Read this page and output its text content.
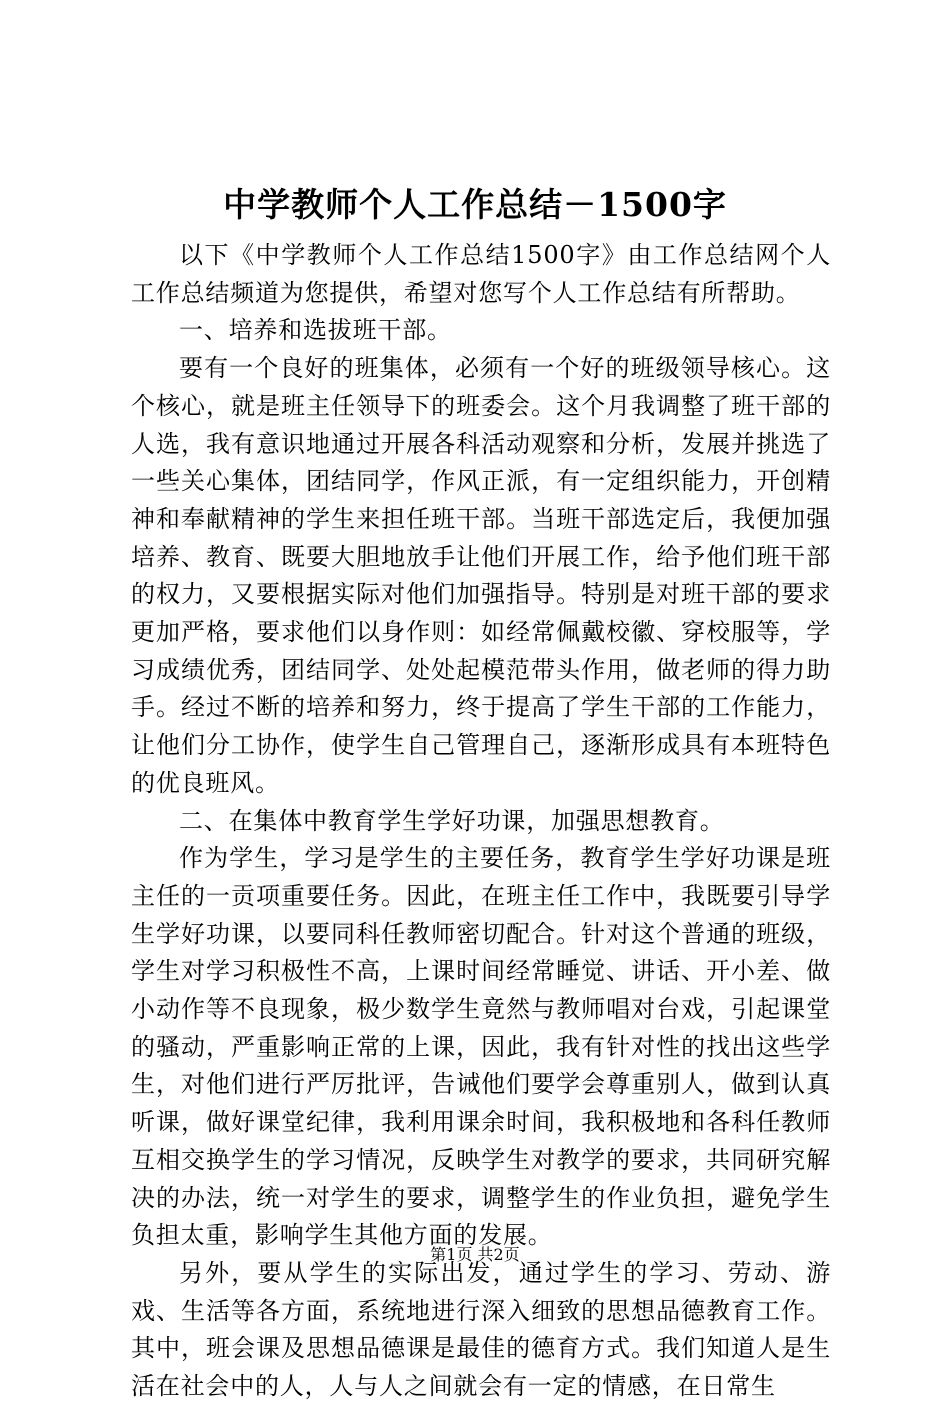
中学教师个人工作总结－1500字

以下《中学教师个人工作总结1500字》由工作总结网个人工作总结频道为您提供，希望对您写个人工作总结有所帮助。

一、培养和选拔班干部。

要有一个良好的班集体，必须有一个好的班级领导核心。这个核心，就是班主任领导下的班委会。这个月我调整了班干部的人选，我有意识地通过开展各科活动观察和分析，发展并挑选了一些关心集体，团结同学，作风正派，有一定组织能力，开创精神和奉献精神的学生来担任班干部。当班干部选定后，我便加强培养、教育、既要大胆地放手让他们开展工作，给予他们班干部的权力，又要根据实际对他们加强指导。特别是对班干部的要求更加严格，要求他们以身作则：如经常佩戴校徽、穿校服等，学习成绩优秀，团结同学、处处起模范带头作用，做老师的得力助手。经过不断的培养和努力，终于提高了学生干部的工作能力，让他们分工协作，使学生自己管理自己，逐渐形成具有本班特色的优良班风。

二、在集体中教育学生学好功课，加强思想教育。

作为学生，学习是学生的主要任务，教育学生学好功课是班主任的一贡项重要任务。因此，在班主任工作中，我既要引导学生学好功课，以要同科任教师密切配合。针对这个普通的班级，学生对学习积极性不高，上课时间经常睡觉、讲话、开小差、做小动作等不良现象，极少数学生竟然与教师唱对台戏，引起课堂的骚动，严重影响正常的上课，因此，我有针对性的找出这些学生，对他们进行严厉批评，告诫他们要学会尊重别人，做到认真听课，做好课堂纪律，我利用课余时间，我积极地和各科任教师互相交换学生的学习情况，反映学生对教学的要求，共同研究解决的办法，统一对学生的要求，调整学生的作业负担，避免学生负担太重，影响学生其他方面的发展。

另外，要从学生的实际出发，通过学生的学习、劳动、游戏、生活等各方面，系统地进行深入细致的思想品德教育工作。其中，班会课及思想品德课是最佳的德育方式。我们知道人是生活在社会中的人，人与人之间就会有一定的情感，在日常生

第1页 共2页
